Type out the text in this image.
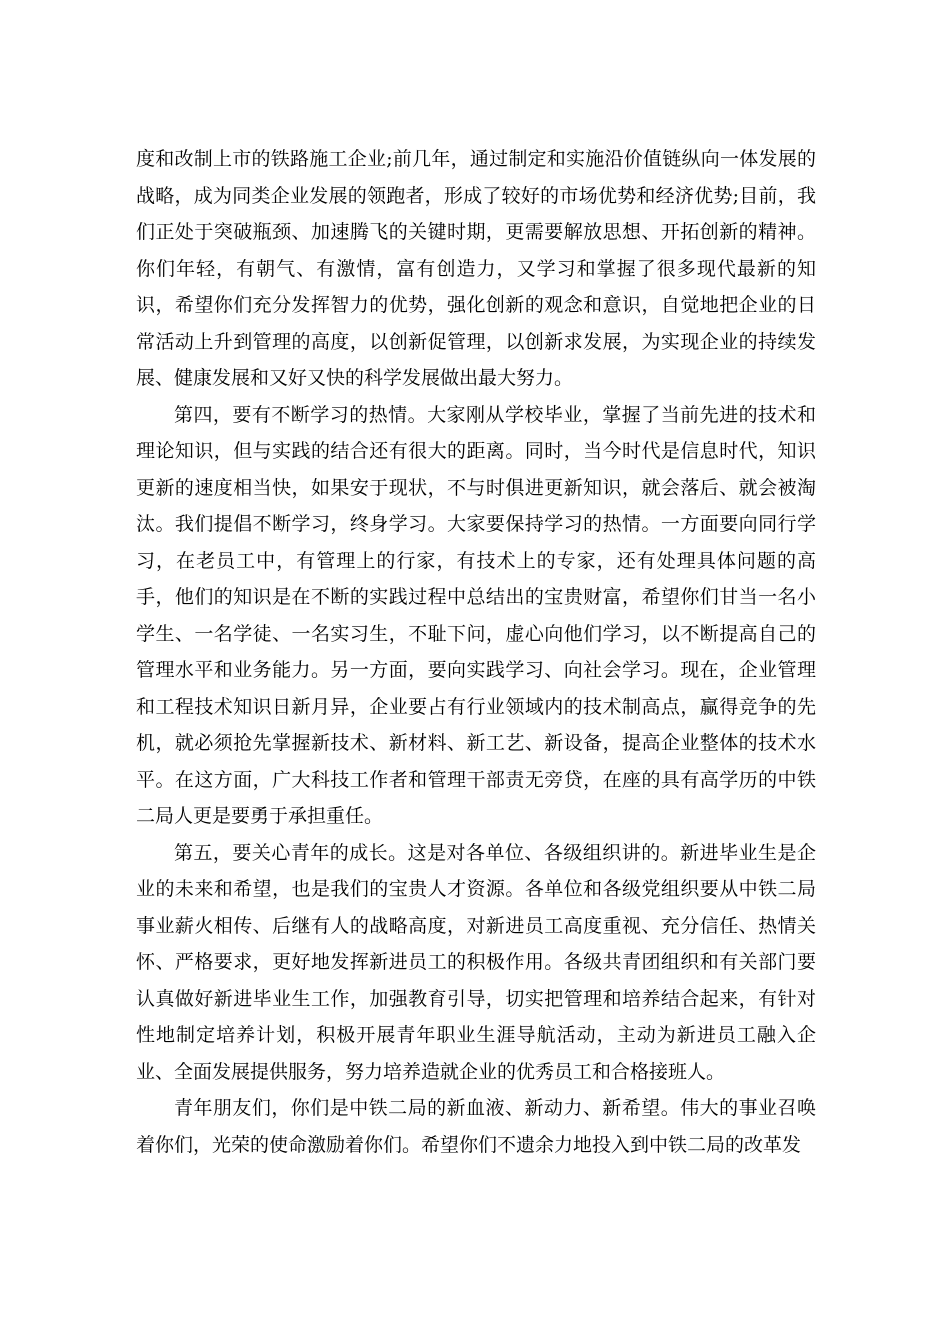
度和改制上市的铁路施工企业;前几年，通过制定和实施沿价值链纵向一体发展的战略，成为同类企业发展的领跑者，形成了较好的市场优势和经济优势;目前，我们正处于突破瓶颈、加速腾飞的关键时期，更需要解放思想、开拓创新的精神。你们年轻，有朝气、有激情，富有创造力，又学习和掌握了很多现代最新的知识，希望你们充分发挥智力的优势，强化创新的观念和意识，自觉地把企业的日常活动上升到管理的高度，以创新促管理，以创新求发展，为实现企业的持续发展、健康发展和又好又快的科学发展做出最大努力。

第四，要有不断学习的热情。大家刚从学校毕业，掌握了当前先进的技术和理论知识，但与实践的结合还有很大的距离。同时，当今时代是信息时代，知识更新的速度相当快，如果安于现状，不与时俱进更新知识，就会落后、就会被淘汰。我们提倡不断学习，终身学习。大家要保持学习的热情。一方面要向同行学习，在老员工中，有管理上的行家，有技术上的专家，还有处理具体问题的高手，他们的知识是在不断的实践过程中总结出的宝贵财富，希望你们甘当一名小学生、一名学徒、一名实习生，不耻下问，虚心向他们学习，以不断提高自己的管理水平和业务能力。另一方面，要向实践学习、向社会学习。现在，企业管理和工程技术知识日新月异，企业要占有行业领域内的技术制高点，赢得竞争的先机，就必须抢先掌握新技术、新材料、新工艺、新设备，提高企业整体的技术水平。在这方面，广大科技工作者和管理干部责无旁贷，在座的具有高学历的中铁二局人更是要勇于承担重任。

第五，要关心青年的成长。这是对各单位、各级组织讲的。新进毕业生是企业的未来和希望，也是我们的宝贵人才资源。各单位和各级党组织要从中铁二局事业薪火相传、后继有人的战略高度，对新进员工高度重视、充分信任、热情关怀、严格要求，更好地发挥新进员工的积极作用。各级共青团组织和有关部门要认真做好新进毕业生工作，加强教育引导，切实把管理和培养结合起来，有针对性地制定培养计划，积极开展青年职业生涯导航活动，主动为新进员工融入企业、全面发展提供服务，努力培养造就企业的优秀员工和合格接班人。

青年朋友们，你们是中铁二局的新血液、新动力、新希望。伟大的事业召唤着你们，光荣的使命激励着你们。希望你们不遗余力地投入到中铁二局的改革发
